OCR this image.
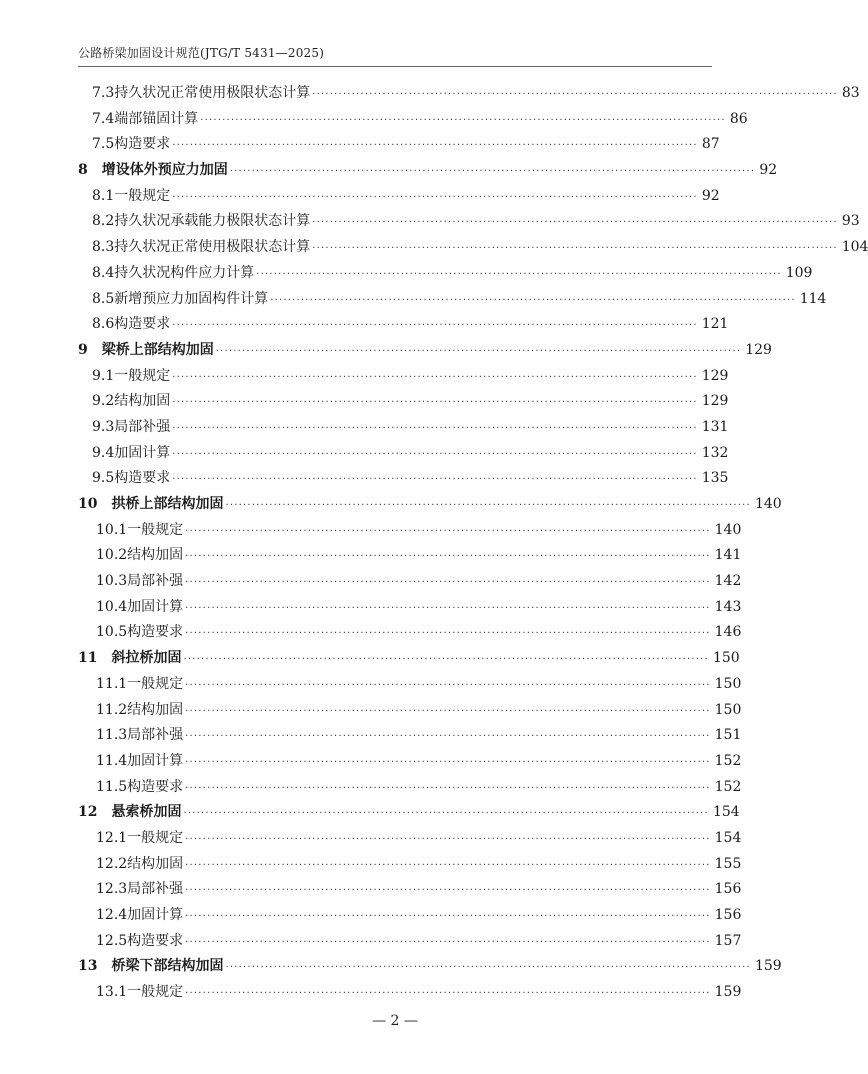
公路桥梁加固设计规范(JTG/T 5431—2025)
7.3 持久状况正常使用极限状态计算 ························································································································ 83
7.4 端部锚固计算 ························································································································ 86
7.5 构造要求 ························································································································ 87
8 增设体外预应力加固 ························································································································ 92
8.1 一般规定 ························································································································ 92
8.2 持久状况承载能力极限状态计算 ························································································································ 93
8.3 持久状况正常使用极限状态计算 ························································································································ 104
8.4 持久状况构件应力计算 ························································································································ 109
8.5 新增预应力加固构件计算 ························································································································ 114
8.6 构造要求 ························································································································ 121
9 梁桥上部结构加固 ························································································································ 129
9.1 一般规定 ························································································································ 129
9.2 结构加固 ························································································································ 129
9.3 局部补强 ························································································································ 131
9.4 加固计算 ························································································································ 132
9.5 构造要求 ························································································································ 135
10 拱桥上部结构加固 ························································································································ 140
10.1 一般规定 ························································································································ 140
10.2 结构加固 ························································································································ 141
10.3 局部补强 ························································································································ 142
10.4 加固计算 ························································································································ 143
10.5 构造要求 ························································································································ 146
11 斜拉桥加固 ························································································································ 150
11.1 一般规定 ························································································································ 150
11.2 结构加固 ························································································································ 150
11.3 局部补强 ························································································································ 151
11.4 加固计算 ························································································································ 152
11.5 构造要求 ························································································································ 152
12 悬索桥加固 ························································································································ 154
12.1 一般规定 ························································································································ 154
12.2 结构加固 ························································································································ 155
12.3 局部补强 ························································································································ 156
12.4 加固计算 ························································································································ 156
12.5 构造要求 ························································································································ 157
13 桥梁下部结构加固 ························································································································ 159
13.1 一般规定 ························································································································ 159
— 2 —
